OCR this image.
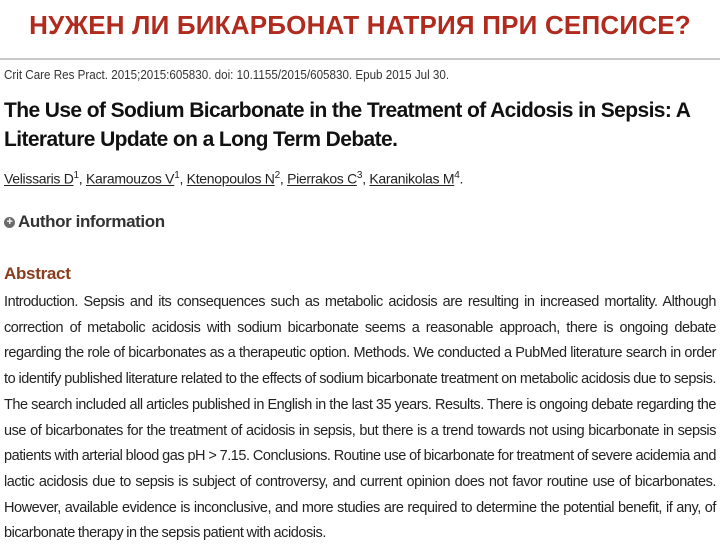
НУЖЕН ЛИ БИКАРБОНАТ НАТРИЯ ПРИ СЕПСИСЕ?
Crit Care Res Pract. 2015;2015:605830. doi: 10.1155/2015/605830. Epub 2015 Jul 30.
The Use of Sodium Bicarbonate in the Treatment of Acidosis in Sepsis: A Literature Update on a Long Term Debate.
Velissaris $D^1$, Karamouzos $V^1$, Ktenopoulos $N^2$, Pierrakos $C^3$, Karanikolas $M^4$.
+ Author information
Abstract
Introduction. Sepsis and its consequences such as metabolic acidosis are resulting in increased mortality. Although correction of metabolic acidosis with sodium bicarbonate seems a reasonable approach, there is ongoing debate regarding the role of bicarbonates as a therapeutic option. Methods. We conducted a PubMed literature search in order to identify published literature related to the effects of sodium bicarbonate treatment on metabolic acidosis due to sepsis. The search included all articles published in English in the last 35 years. Results. There is ongoing debate regarding the use of bicarbonates for the treatment of acidosis in sepsis, but there is a trend towards not using bicarbonate in sepsis patients with arterial blood gas pH > 7.15. Conclusions. Routine use of bicarbonate for treatment of severe acidemia and lactic acidosis due to sepsis is subject of controversy, and current opinion does not favor routine use of bicarbonates. However, available evidence is inconclusive, and more studies are required to determine the potential benefit, if any, of bicarbonate therapy in the sepsis patient with acidosis.
